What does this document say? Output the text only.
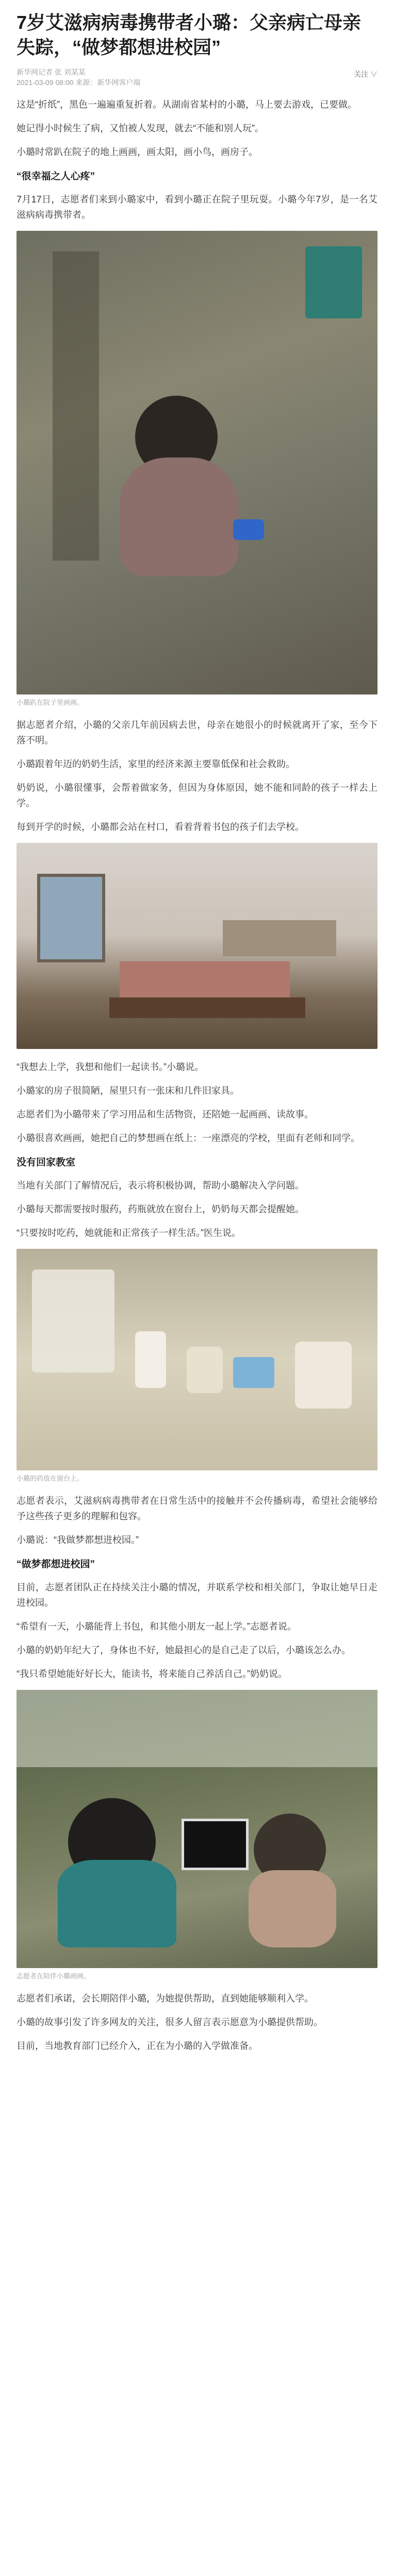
7岁艾滋病病毒携带者小璐：父亲病亡母亲失踪，“做梦都想进校园”
新华网记者 张 刘某某
2021-03-09 08:00 来源：新华网客户端
关注 ∨

这是“折纸”，黑色一遍遍重复折着。从湖南省某村的小璐，马上要去游戏，已要做。

她记得小时候生了病，又怕被人发现，就去“不能和别人玩”。

小璐时常趴在院子的地上画画，画太阳，画小鸟，画房子。

“很幸福之人心疼”

7月17日，志愿者们来到小璐家中，看到小璐正在院子里玩耍。小璐今年7岁，是一名艾滋病病毒携带者。

小璐趴在院子里画画。

据志愿者介绍，小璐的父亲几年前因病去世，母亲在她很小的时候就离开了家，至今下落不明。

小璐跟着年迈的奶奶生活，家里的经济来源主要靠低保和社会救助。

奶奶说，小璐很懂事，会帮着做家务，但因为身体原因，她不能和同龄的孩子一样去上学。

每到开学的时候，小璐都会站在村口，看着背着书包的孩子们去学校。

“我想去上学，我想和他们一起读书。”小璐说。

小璐家的房子很简陋，屋里只有一张床和几件旧家具。

志愿者们为小璐带来了学习用品和生活物资，还陪她一起画画、读故事。

小璐很喜欢画画，她把自己的梦想画在纸上：一座漂亮的学校，里面有老师和同学。

没有回家教室

当地有关部门了解情况后，表示将积极协调，帮助小璐解决入学问题。

小璐每天都需要按时服药，药瓶就放在窗台上，奶奶每天都会提醒她。

“只要按时吃药，她就能和正常孩子一样生活。”医生说。

小璐的药放在窗台上。

志愿者表示，艾滋病病毒携带者在日常生活中的接触并不会传播病毒，希望社会能够给予这些孩子更多的理解和包容。

小璐说：“我做梦都想进校园。”

“做梦都想进校园”

目前，志愿者团队正在持续关注小璐的情况，并联系学校和相关部门，争取让她早日走进校园。

“希望有一天，小璐能背上书包，和其他小朋友一起上学。”志愿者说。

小璐的奶奶年纪大了，身体也不好，她最担心的是自己走了以后，小璐该怎么办。

“我只希望她能好好长大，能读书，将来能自己养活自己。”奶奶说。

志愿者在陪伴小璐画画。

志愿者们承诺，会长期陪伴小璐，为她提供帮助，直到她能够顺利入学。

小璐的故事引发了许多网友的关注，很多人留言表示愿意为小璐提供帮助。

目前，当地教育部门已经介入，正在为小璐的入学做准备。
